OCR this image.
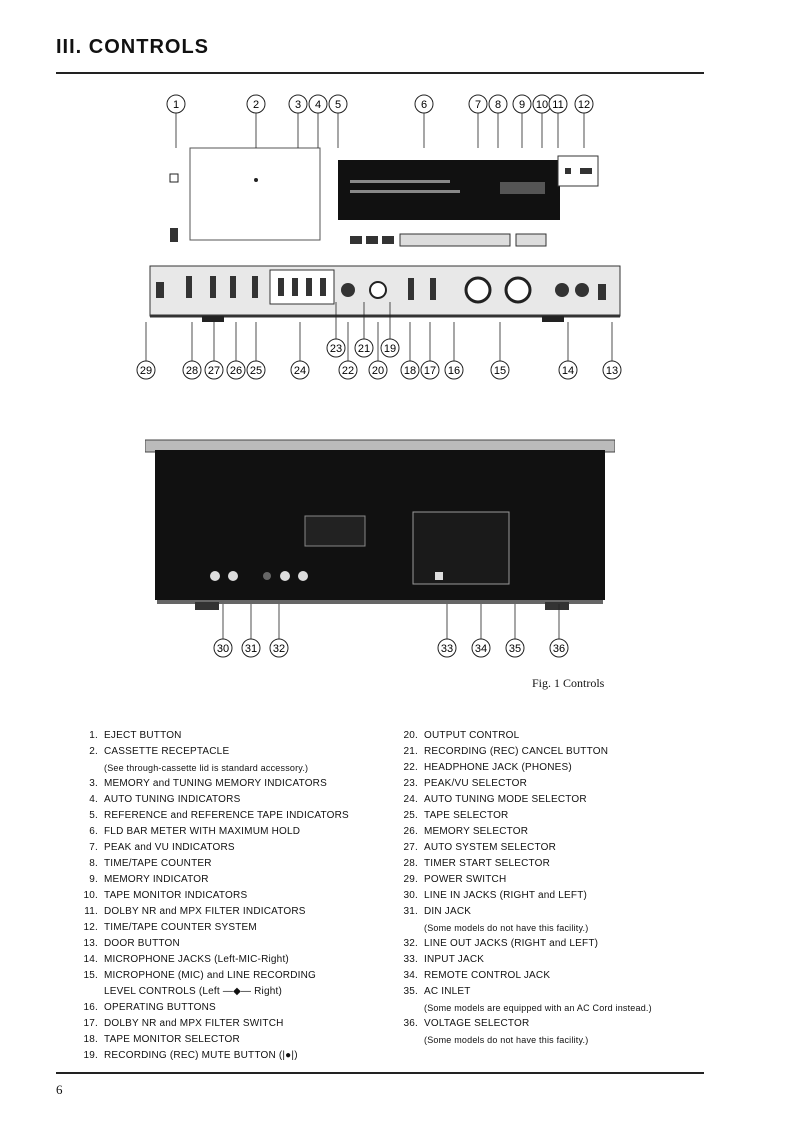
III. CONTROLS
1	2	3 4 5	6	7 8 9 10 11 12
23 21 19
29	28 27 26 25	24	22 20 18 17 16	15	14	13
30 31 32	33 34 35	36
Fig. 1 Controls
1. EJECT BUTTON
2. CASSETTE RECEPTACLE
(See through-cassette lid is standard accessory.)
3. MEMORY and TUNING MEMORY INDICATORS
4. AUTO TUNING INDICATORS
5. REFERENCE and REFERENCE TAPE INDICATORS
6. FLD BAR METER WITH MAXIMUM HOLD
7. PEAK and VU INDICATORS
8. TIME/TAPE COUNTER
9. MEMORY INDICATOR
10. TAPE MONITOR INDICATORS
11. DOLBY NR and MPX FILTER INDICATORS
12. TIME/TAPE COUNTER SYSTEM
13. DOOR BUTTON
14. MICROPHONE JACKS (Left-MIC-Right)
15. MICROPHONE (MIC) and LINE RECORDING
LEVEL CONTROLS (Left —◆— Right)
16. OPERATING BUTTONS
17. DOLBY NR and MPX FILTER SWITCH
18. TAPE MONITOR SELECTOR
19. RECORDING (REC) MUTE BUTTON (|●|)
20. OUTPUT CONTROL
21. RECORDING (REC) CANCEL BUTTON
22. HEADPHONE JACK (PHONES)
23. PEAK/VU SELECTOR
24. AUTO TUNING MODE SELECTOR
25. TAPE SELECTOR
26. MEMORY SELECTOR
27. AUTO SYSTEM SELECTOR
28. TIMER START SELECTOR
29. POWER SWITCH
30. LINE IN JACKS (RIGHT and LEFT)
31. DIN JACK
(Some models do not have this facility.)
32. LINE OUT JACKS (RIGHT and LEFT)
33. INPUT JACK
34. REMOTE CONTROL JACK
35. AC INLET
(Some models are equipped with an AC Cord instead.)
36. VOLTAGE SELECTOR
(Some models do not have this facility.)
6
